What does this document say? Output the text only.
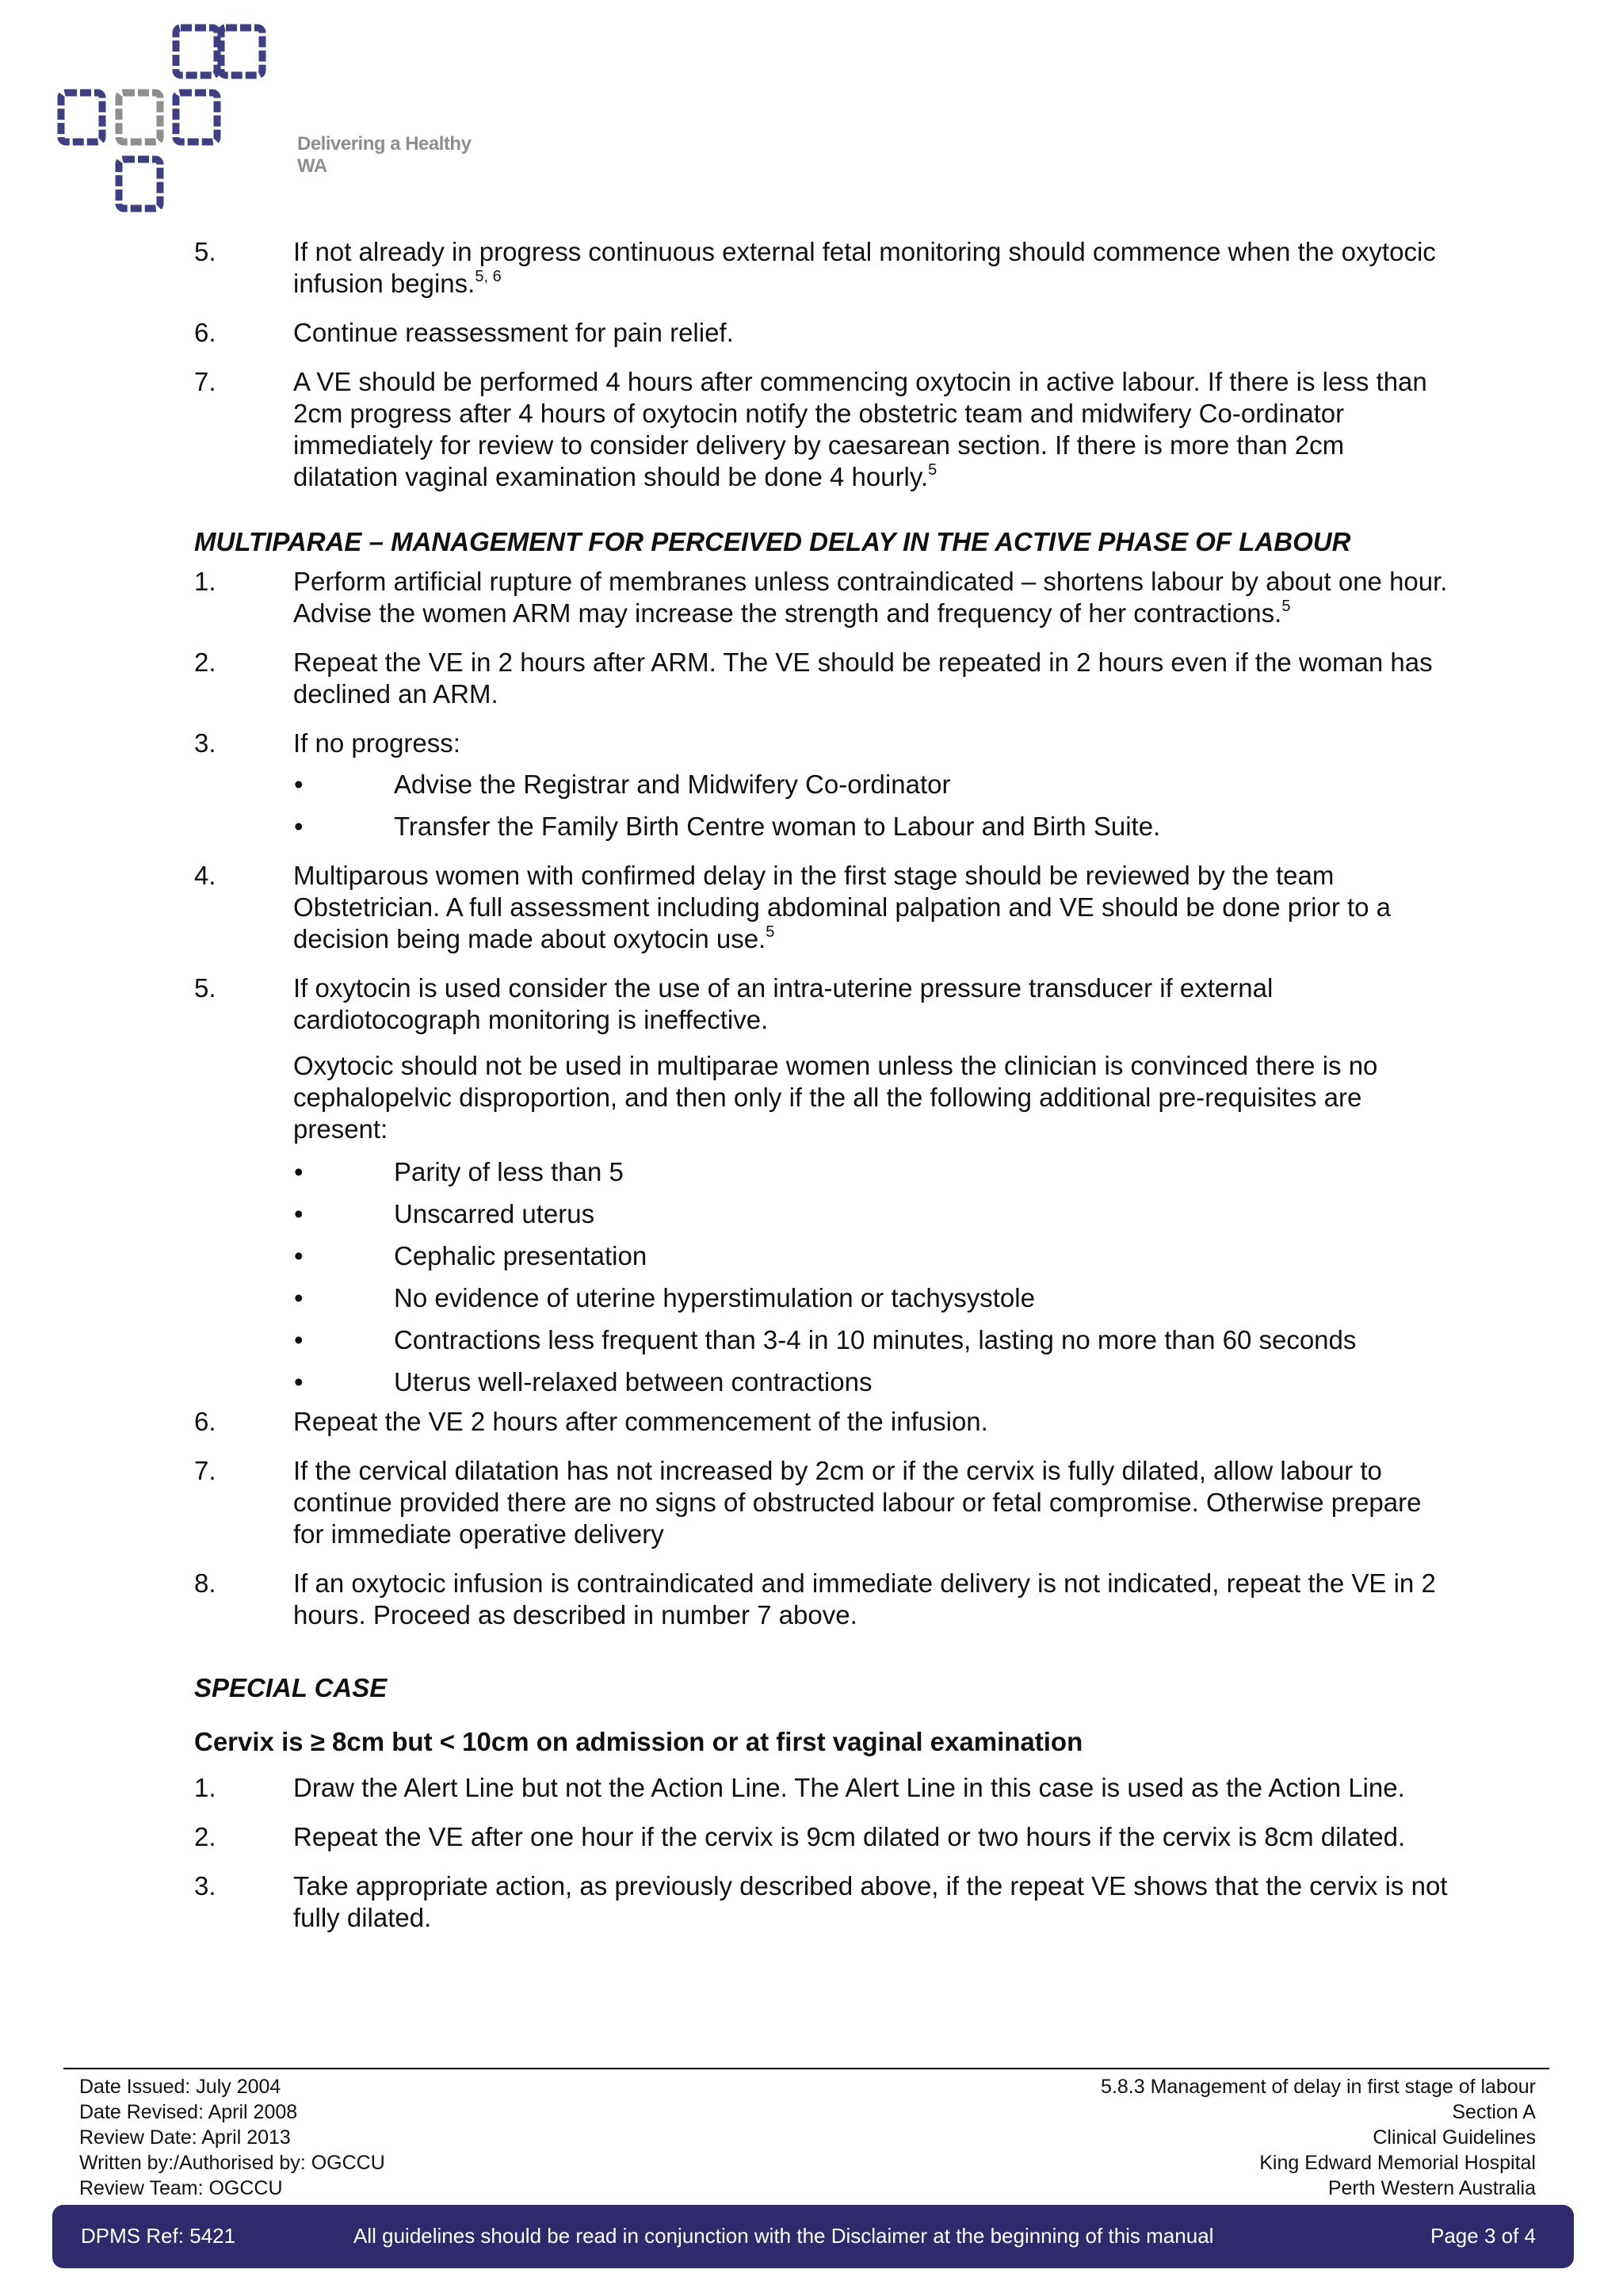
Delivering a Healthy WA
5.	If not already in progress continuous external fetal monitoring should commence when the oxytocic infusion begins.$^{5, 6}$
6.	Continue reassessment for pain relief.
7.	A VE should be performed 4 hours after commencing oxytocin in active labour. If there is less than 2cm progress after 4 hours of oxytocin notify the obstetric team and midwifery Co-ordinator immediately for review to consider delivery by caesarean section. If there is more than 2cm dilatation vaginal examination should be done 4 hourly.$^5$
MULTIPARAE – MANAGEMENT FOR PERCEIVED DELAY IN THE ACTIVE PHASE OF LABOUR
1.	Perform artificial rupture of membranes unless contraindicated – shortens labour by about one hour. Advise the women ARM may increase the strength and frequency of her contractions.$^5$
2.	Repeat the VE in 2 hours after ARM. The VE should be repeated in 2 hours even if the woman has declined an ARM.
3.	If no progress:
•	Advise the Registrar and Midwifery Co-ordinator
•	Transfer the Family Birth Centre woman to Labour and Birth Suite.
4.	Multiparous women with confirmed delay in the first stage should be reviewed by the team Obstetrician. A full assessment including abdominal palpation and VE should be done prior to a decision being made about oxytocin use.$^5$
5.	If oxytocin is used consider the use of an intra-uterine pressure transducer if external cardiotocograph monitoring is ineffective.
Oxytocic should not be used in multiparae women unless the clinician is convinced there is no cephalopelvic disproportion, and then only if the all the following additional pre-requisites are present:
•	Parity of less than 5
•	Unscarred uterus
•	Cephalic presentation
•	No evidence of uterine hyperstimulation or tachysystole
•	Contractions less frequent than 3-4 in 10 minutes, lasting no more than 60 seconds
•	Uterus well-relaxed between contractions
6.	Repeat the VE 2 hours after commencement of the infusion.
7.	If the cervical dilatation has not increased by 2cm or if the cervix is fully dilated, allow labour to continue provided there are no signs of obstructed labour or fetal compromise. Otherwise prepare for immediate operative delivery
8.	If an oxytocic infusion is contraindicated and immediate delivery is not indicated, repeat the VE in 2 hours. Proceed as described in number 7 above.
SPECIAL CASE
Cervix is ≥ 8cm but < 10cm on admission or at first vaginal examination
1.	Draw the Alert Line but not the Action Line. The Alert Line in this case is used as the Action Line.
2.	Repeat the VE after one hour if the cervix is 9cm dilated or two hours if the cervix is 8cm dilated.
3.	Take appropriate action, as previously described above, if the repeat VE shows that the cervix is not fully dilated.
Date Issued: July 2004
Date Revised: April 2008
Review Date: April 2013
Written by:/Authorised by: OGCCU
Review Team: OGCCU
5.8.3 Management of delay in first stage of labour
Section A
Clinical Guidelines
King Edward Memorial Hospital
Perth Western Australia
DPMS Ref: 5421	All guidelines should be read in conjunction with the Disclaimer at the beginning of this manual	Page 3 of 4
